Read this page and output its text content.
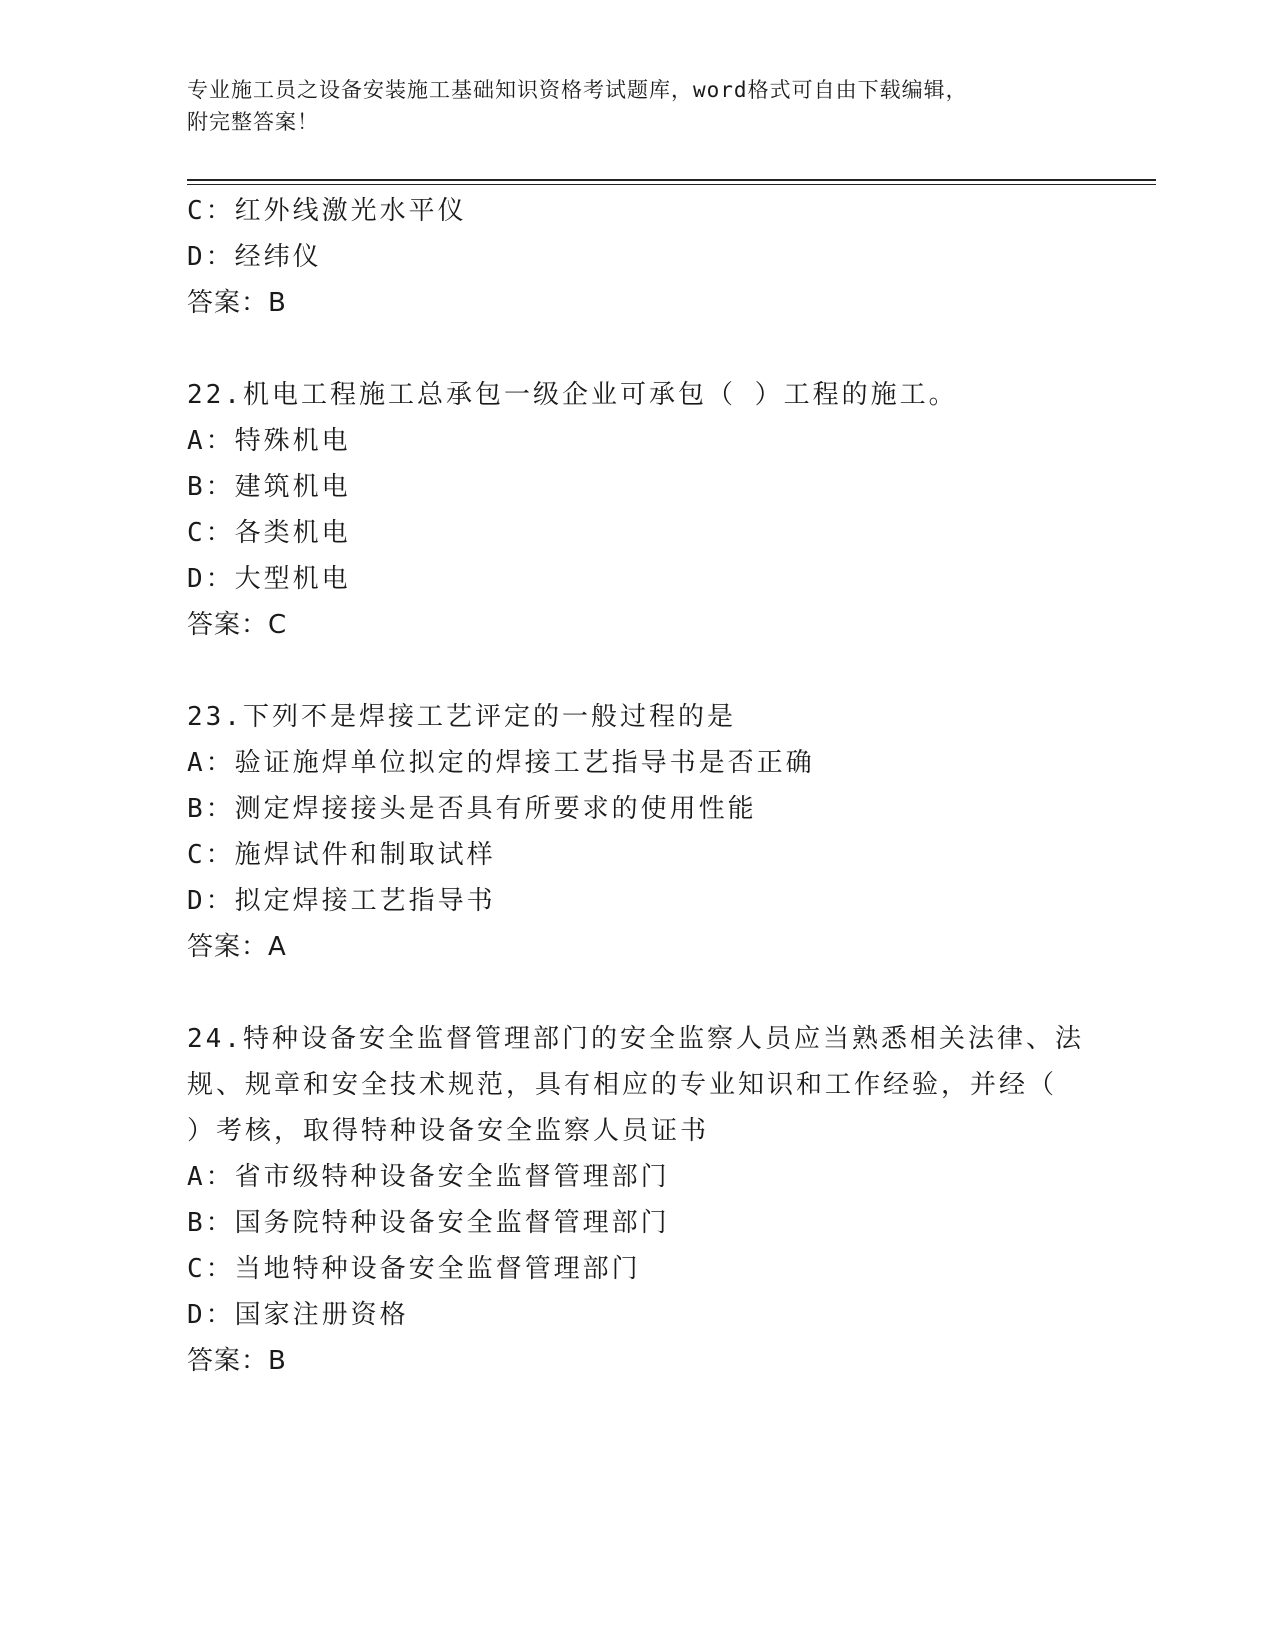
专业施工员之设备安装施工基础知识资格考试题库，word格式可自由下载编辑，
附完整答案！
C：红外线激光水平仪
D：经纬仪
答案：B
22.机电工程施工总承包一级企业可承包（ ）工程的施工。
A：特殊机电
B：建筑机电
C：各类机电
D：大型机电
答案：C
23.下列不是焊接工艺评定的一般过程的是
A：验证施焊单位拟定的焊接工艺指导书是否正确
B：测定焊接接头是否具有所要求的使用性能
C：施焊试件和制取试样
D：拟定焊接工艺指导书
答案：A
24.特种设备安全监督管理部门的安全监察人员应当熟悉相关法律、法
规、规章和安全技术规范，具有相应的专业知识和工作经验，并经（
）考核，取得特种设备安全监察人员证书
A：省市级特种设备安全监督管理部门
B：国务院特种设备安全监督管理部门
C：当地特种设备安全监督管理部门
D：国家注册资格
答案：B
